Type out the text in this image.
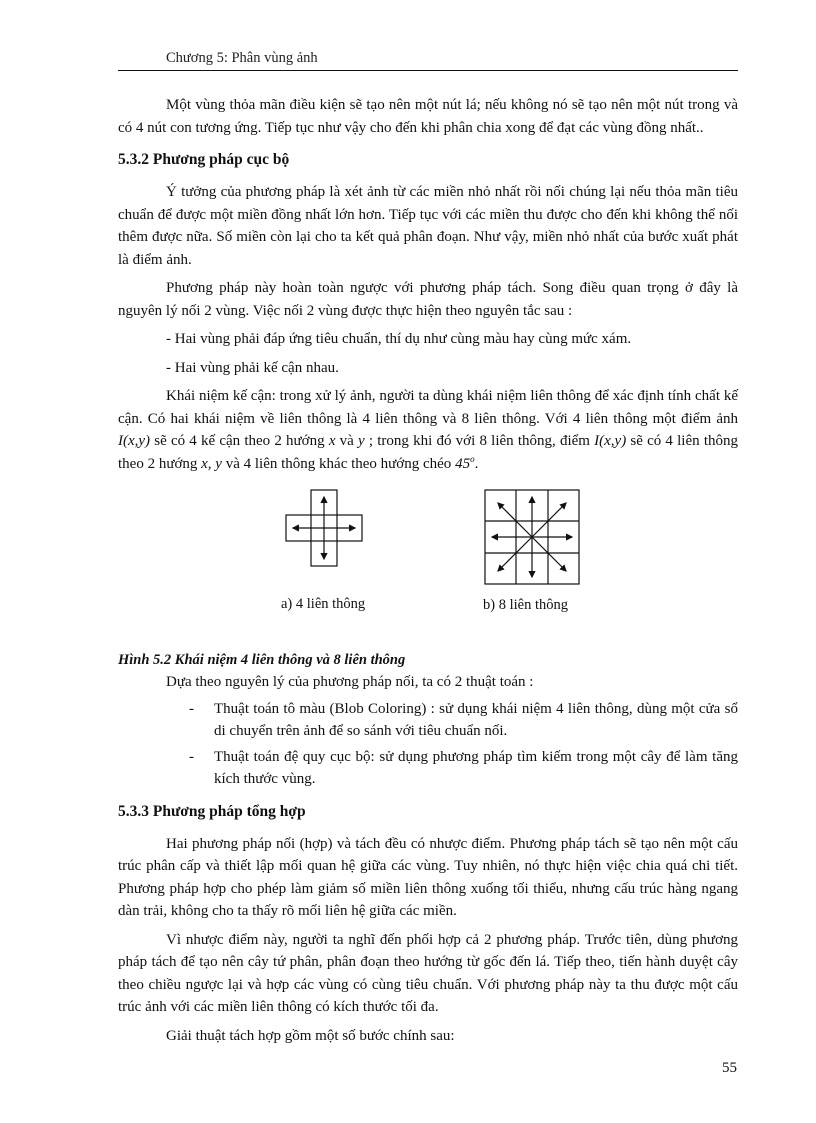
Chương 5: Phân vùng ảnh

Một vùng thỏa mãn điều kiện sẽ tạo nên một nút lá; nếu không nó sẽ tạo nên một nút trong và có 4 nút con tương ứng. Tiếp tục như vậy cho đến khi phân chia xong để đạt các vùng đồng nhất..

5.3.2 Phương pháp cục bộ

Ý tưởng của phương pháp là xét ảnh từ các miền nhỏ nhất rồi nối chúng lại nếu thỏa mãn tiêu chuẩn để được một miền đồng nhất lớn hơn. Tiếp tục với các miền thu được cho đến khi không thể nối thêm được nữa. Số miền còn lại cho ta kết quả phân đoạn. Như vậy, miền nhỏ nhất của bước xuất phát là điểm ảnh.

Phương pháp này hoàn toàn ngược với phương pháp tách. Song điều quan trọng ở đây là nguyên lý nối 2 vùng. Việc nối 2 vùng được thực hiện theo nguyên tắc sau :

- Hai vùng phải đáp ứng tiêu chuẩn, thí dụ như cùng màu hay cùng mức xám.

- Hai vùng phải kế cận nhau.

Khái niệm kế cận: trong xử lý ảnh, người ta dùng khái niệm liên thông để xác định tính chất kế cận. Có hai khái niệm về liên thông là 4 liên thông và 8 liên thông. Với 4 liên thông một điểm ảnh I(x,y) sẽ có 4 kế cận theo 2 hướng x và y ; trong khi đó với 8 liên thông, điểm I(x,y) sẽ có 4 liên thông theo 2 hướng x, y và 4 liên thông khác theo hướng chéo 45$^o$.

a) 4 liên thông	b) 8 liên thông

Hình 5.2 Khái niệm 4 liên thông và 8 liên thông

Dựa theo nguyên lý của phương pháp nối, ta có 2 thuật toán :

- Thuật toán tô màu (Blob Coloring) : sử dụng khái niệm 4 liên thông, dùng một cửa sổ di chuyển trên ảnh để so sánh với tiêu chuẩn nối.
- Thuật toán đệ quy cục bộ: sử dụng phương pháp tìm kiếm trong một cây để làm tăng kích thước vùng.
5.3.3 Phương pháp tổng hợp

Hai phương pháp nối (hợp) và tách đều có nhược điểm. Phương pháp tách sẽ tạo nên một cấu trúc phân cấp và thiết lập mối quan hệ giữa các vùng. Tuy nhiên, nó thực hiện việc chia quá chi tiết. Phương pháp hợp cho phép làm giảm số miền liên thông xuống tối thiểu, nhưng cấu trúc hàng ngang dàn trải, không cho ta thấy rõ mối liên hệ giữa các miền.

Vì nhược điểm này, người ta nghĩ đến phối hợp cả 2 phương pháp. Trước tiên, dùng phương pháp tách để tạo nên cây tứ phân, phân đoạn theo hướng từ gốc đến lá. Tiếp theo, tiến hành duyệt cây theo chiều ngược lại và hợp các vùng có cùng tiêu chuẩn. Với phương pháp này ta thu được một cấu trúc ảnh với các miền liên thông có kích thước tối đa.

Giải thuật tách hợp gồm một số bước chính sau:

55
